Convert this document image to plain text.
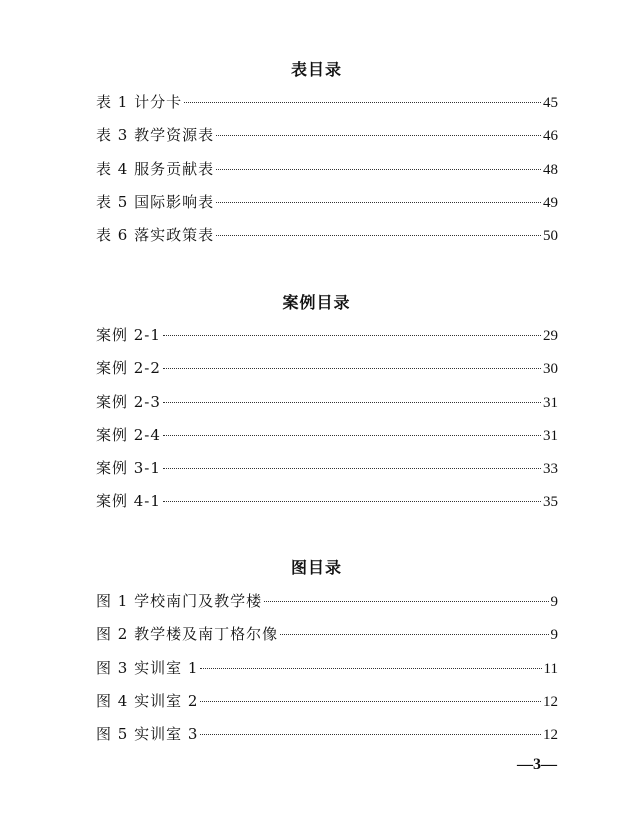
表目录
表 1 计分卡	45
表 3 教学资源表	46
表 4 服务贡献表	48
表 5 国际影响表	49
表 6 落实政策表	50
案例目录
案例 2-1	29
案例 2-2	30
案例 2-3	31
案例 2-4	31
案例 3-1	33
案例 4-1	35
图目录
图 1 学校南门及教学楼	9
图 2 教学楼及南丁格尔像	9
图 3 实训室 1	11
图 4 实训室 2	12
图 5 实训室 3	12
—3—
